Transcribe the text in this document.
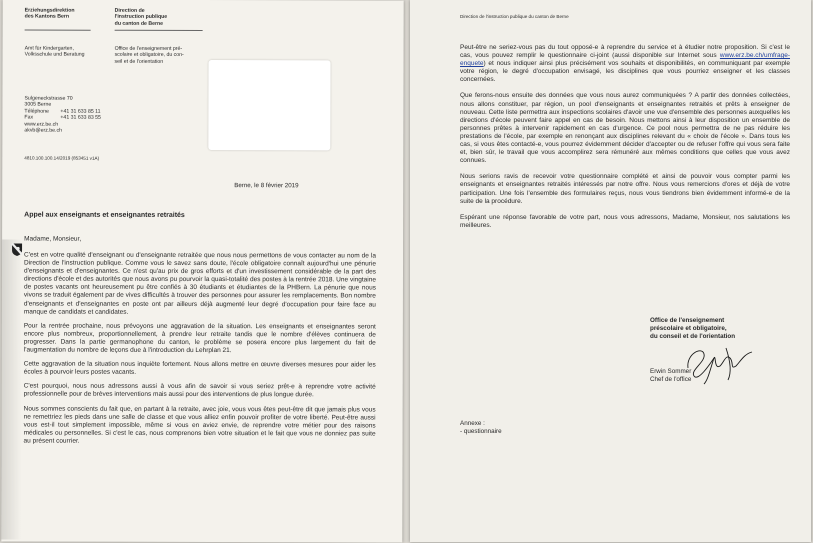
Erziehungsdirektion
des Kantons Bern
Direction de
l'instruction publique
du canton de Berne
Amt für Kindergarten,
Volksschule und Beratung
Office de l'enseignement pré-
scolaire et obligatoire, du con-
seil et de l'orientation
Sulgeneckstrasse 70
3005 Berne
Téléphone	+41 31 633 85 11
Fax	+41 31 633 83 55
www.erz.be.ch
akvb@erz.be.ch
4810.100.100.14/2019 (853451 v1A)
Berne, le 8 février 2019
Appel aux enseignants et enseignantes retraités
Madame, Monsieur,
C'est en votre qualité d'enseignant ou d'enseignante retraitée que nous nous permettons de vous contacter au nom de la Direction de l'instruction publique. Comme vous le savez sans doute, l'école obligatoire connaît aujourd'hui une pénurie d'enseignants et d'enseignantes. Ce n'est qu'au prix de gros efforts et d'un investissement considérable de la part des directions d'école et des autorités que nous avons pu pourvoir la quasi-totalité des postes à la rentrée 2018. Une vingtaine de postes vacants ont heureusement pu être confiés à 30 étudiants et étudiantes de la PHBern. La pénurie que nous vivons se traduit également par de vives difficultés à trouver des personnes pour assurer les remplacements. Bon nombre d'enseignants et d'enseignantes en poste ont par ailleurs déjà augmenté leur degré d'occupation pour faire face au manque de candidats et candidates.
Pour la rentrée prochaine, nous prévoyons une aggravation de la situation. Les enseignants et enseignantes seront encore plus nombreux, proportionnellement, à prendre leur retraite tandis que le nombre d'élèves continuera de progresser. Dans la partie germanophone du canton, le problème se posera encore plus largement du fait de l'augmentation du nombre de leçons due à l'introduction du Lehrplan 21.
Cette aggravation de la situation nous inquiète fortement. Nous allons mettre en œuvre diverses mesures pour aider les écoles à pourvoir leurs postes vacants.
C'est pourquoi, nous nous adressons aussi à vous afin de savoir si vous seriez prêt-e à reprendre votre activité professionnelle pour de brèves interventions mais aussi pour des interventions de plus longue durée.
Nous sommes conscients du fait que, en partant à la retraite, avec joie, vous vous êtes peut-être dit que jamais plus vous ne remettriez les pieds dans une salle de classe et que vous alliez enfin pouvoir profiter de votre liberté. Peut-être aussi vous est-il tout simplement impossible, même si vous en aviez envie, de reprendre votre métier pour des raisons médicales ou personnelles. Si c'est le cas, nous comprenons bien votre situation et le fait que vous ne donniez pas suite au présent courrier.
Direction de l'instruction publique du canton de Berne
Peut-être ne seriez-vous pas du tout opposé-e à reprendre du service et à étudier notre proposition. Si c'est le cas, vous pouvez remplir le questionnaire ci-joint (aussi disponible sur Internet sous www.erz.be.ch/umfrage-enquete) et nous indiquer ainsi plus précisément vos souhaits et disponibilités, en communiquant par exemple votre région, le degré d'occupation envisagé, les disciplines que vous pourriez enseigner et les classes concernées.
Que ferons-nous ensuite des données que vous nous aurez communiquées ? A partir des données collectées, nous allons constituer, par région, un pool d'enseignants et enseignantes retraités et prêts à enseigner de nouveau. Cette liste permettra aux inspections scolaires d'avoir une vue d'ensemble des personnes auxquelles les directions d'école peuvent faire appel en cas de besoin. Nous mettons ainsi à leur disposition un ensemble de personnes prêtes à intervenir rapidement en cas d'urgence. Ce pool nous permettra de ne pas réduire les prestations de l'école, par exemple en renonçant aux disciplines relevant du « choix de l'école ». Dans tous les cas, si vous êtes contacté-e, vous pourrez évidemment décider d'accepter ou de refuser l'offre qui vous sera faite et, bien sûr, le travail que vous accomplirez sera rémunéré aux mêmes conditions que celles que vous avez connues.
Nous serions ravis de recevoir votre questionnaire complété et ainsi de pouvoir vous compter parmi les enseignants et enseignantes retraités intéressés par notre offre. Nous vous remercions d'ores et déjà de votre participation. Une fois l'ensemble des formulaires reçus, nous vous tiendrons bien évidemment informé-e de la suite de la procédure.
Espérant une réponse favorable de votre part, nous vous adressons, Madame, Monsieur, nos salutations les meilleures.
Office de l'enseignement
préscolaire et obligatoire,
du conseil et de l'orientation
Erwin Sommer
Chef de l'office
Annexe :
- questionnaire
